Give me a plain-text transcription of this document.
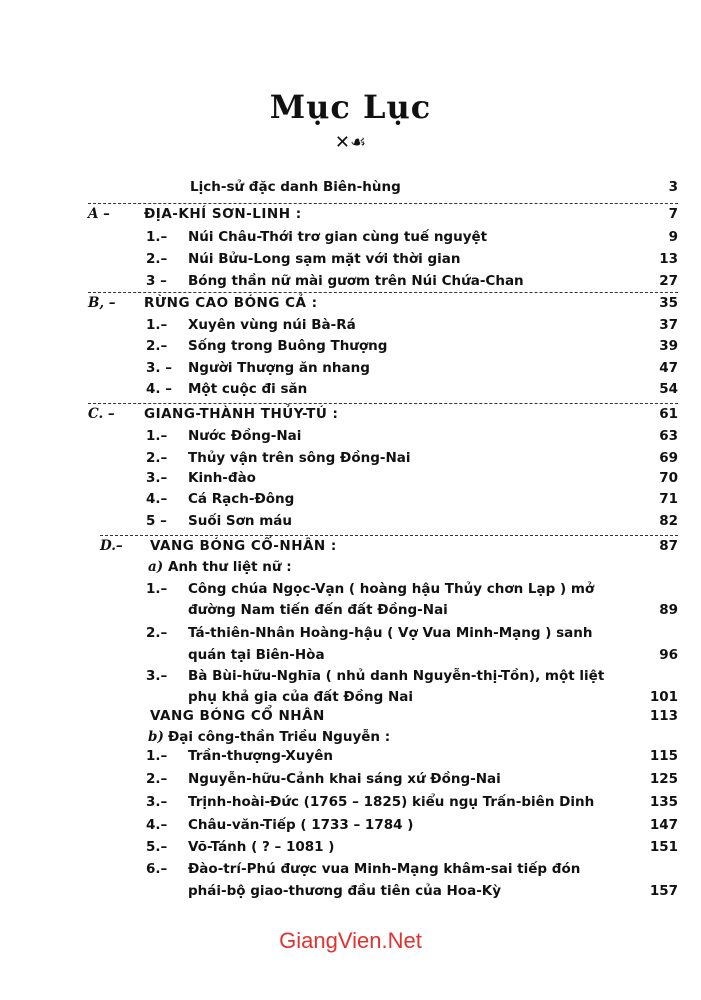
Mục Lục
✕☙
Lịch-sử đặc danh Biên-hùng	3
A –	ĐỊA-KHÍ SƠN-LINH :	7
1.– Núi Châu-Thới trơ gian cùng tuế nguyệt	9
2.– Núi Bửu-Long sạm mặt với thời gian	13
3 – Bóng thần nữ mài gươm trên Núi Chứa-Chan	27
B, – RỪNG CAO BÓNG CẢ :	35
1.– Xuyên vùng núi Bà-Rá	37
2.– Sống trong Buông Thượng	39
3. – Người Thượng ăn nhang	47
4. – Một cuộc đi săn	54
C. – GIANG-THÀNH THỦY-TÚ :	61
1.– Nước Đồng-Nai	63
2.– Thủy vận trên sông Đồng-Nai	69
3.– Kinh-đào	70
4.– Cá Rạch-Đông	71
5 – Suối Sơn máu	82
D.– VANG BÓNG CỔ-NHÂN :	87
a) Anh thư liệt nữ :
1.– Công chúa Ngọc-Vạn ( hoàng hậu Thủy chơn Lạp ) mở
đường Nam tiến đến đất Đồng-Nai	89
2.– Tá-thiên-Nhân Hoàng-hậu ( Vợ Vua Minh-Mạng ) sanh
quán tại Biên-Hòa	96
3.– Bà Bùi-hữu-Nghĩa ( nhủ danh Nguyễn-thị-Tồn), một liệt
phụ khả gia của đất Đồng Nai	101
VANG BÓNG CỔ NHÂN	113
b) Đại công-thần Triều Nguyễn :
1.– Trần-thượng-Xuyên	115
2.– Nguyễn-hữu-Cảnh khai sáng xứ Đồng-Nai	125
3.– Trịnh-hoài-Đức (1765 – 1825) kiểu ngụ Trấn-biên Dinh	135
4.– Châu-văn-Tiếp ( 1733 – 1784 )	147
5.– Võ-Tánh ( ? – 1081 )	151
6.– Đào-trí-Phú được vua Minh-Mạng khâm-sai tiếp đón
phái-bộ giao-thương đầu tiên của Hoa-Kỳ	157
GiangVien.Net
